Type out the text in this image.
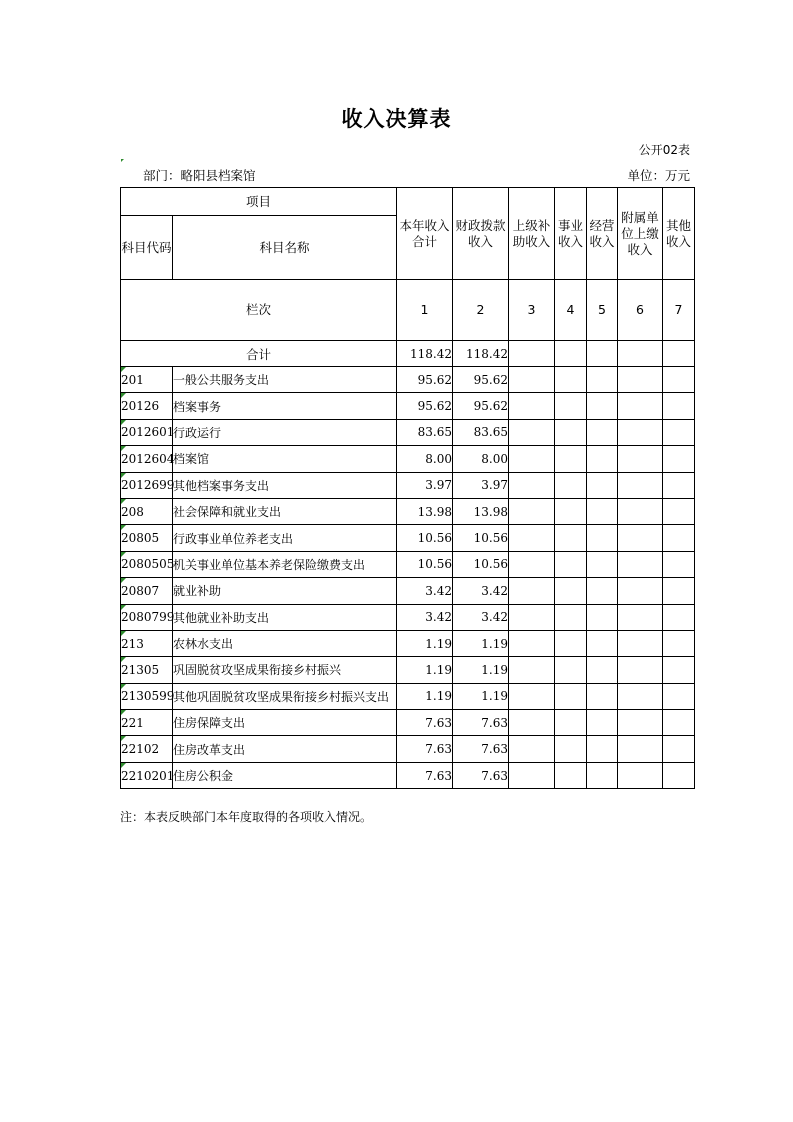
收入决算表
公开02表
部门：略阳县档案馆	单位：万元
项目		本年收入合计	财政拨款收入	上级补助收入	事业收入	经营收入	附属单位上缴收入	其他收入
科目代码	科目名称							
栏次		1	2	3	4	5	6	7
合计		118.42	118.42					
201	一般公共服务支出	95.62	95.62					
20126	档案事务	95.62	95.62					
2012601	行政运行	83.65	83.65					
2012604	档案馆	8.00	8.00					
2012699	其他档案事务支出	3.97	3.97					
208	社会保障和就业支出	13.98	13.98					
20805	行政事业单位养老支出	10.56	10.56					
2080505	机关事业单位基本养老保险缴费支出	10.56	10.56					
20807	就业补助	3.42	3.42					
2080799	其他就业补助支出	3.42	3.42					
213	农林水支出	1.19	1.19					
21305	巩固脱贫攻坚成果衔接乡村振兴	1.19	1.19					
2130599	其他巩固脱贫攻坚成果衔接乡村振兴支出	1.19	1.19					
221	住房保障支出	7.63	7.63					
22102	住房改革支出	7.63	7.63					
2210201	住房公积金	7.63	7.63					
注：本表反映部门本年度取得的各项收入情况。
